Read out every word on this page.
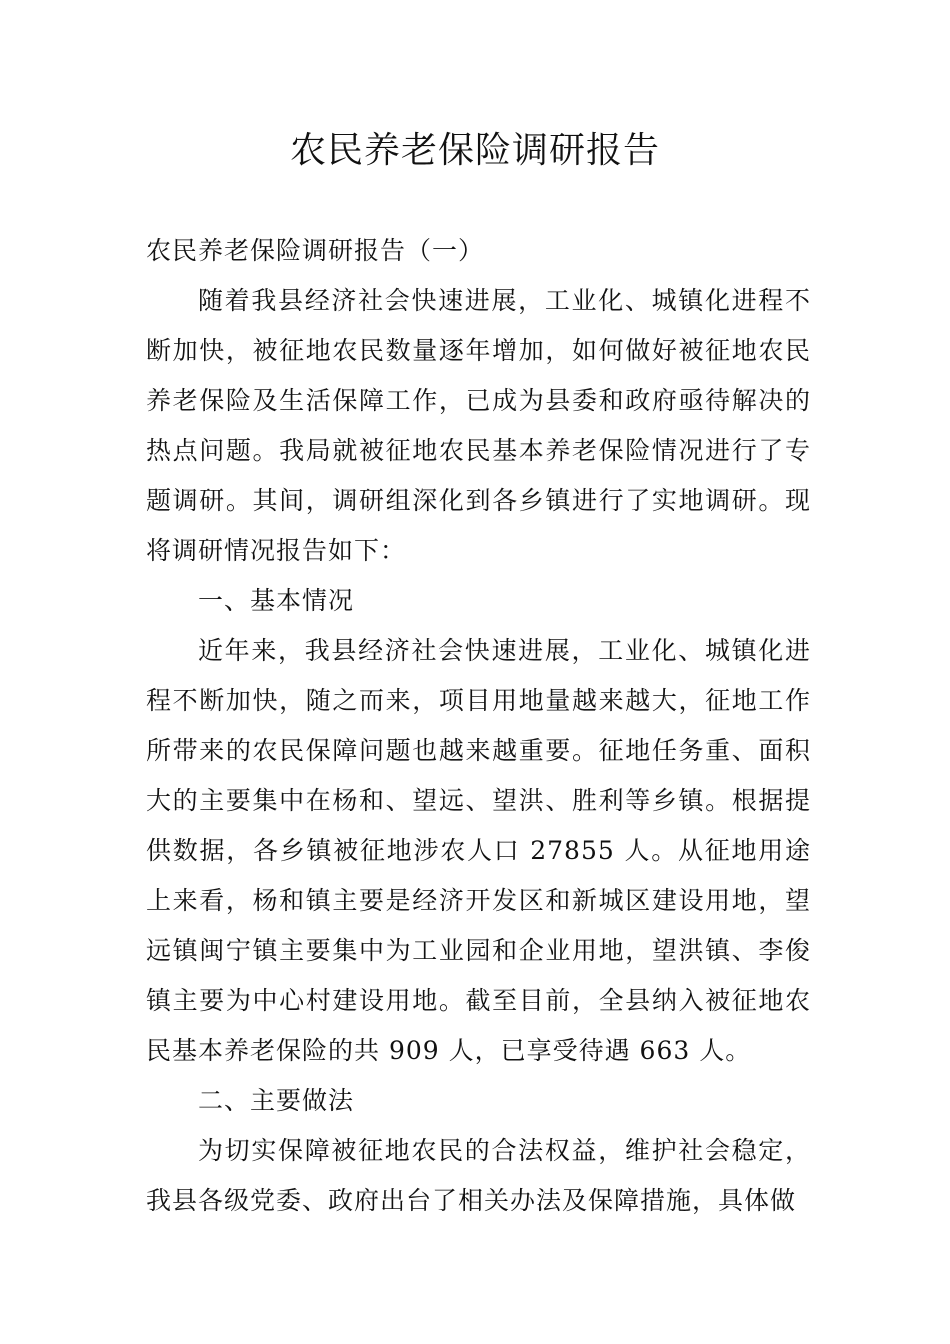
农民养老保险调研报告

农民养老保险调研报告（一）

随着我县经济社会快速进展，工业化、城镇化进程不断加快，被征地农民数量逐年增加，如何做好被征地农民养老保险及生活保障工作，已成为县委和政府亟待解决的热点问题。我局就被征地农民基本养老保险情况进行了专题调研。其间，调研组深化到各乡镇进行了实地调研。现将调研情况报告如下：

一、基本情况

近年来，我县经济社会快速进展，工业化、城镇化进程不断加快，随之而来，项目用地量越来越大，征地工作所带来的农民保障问题也越来越重要。征地任务重、面积大的主要集中在杨和、望远、望洪、胜利等乡镇。根据提供数据，各乡镇被征地涉农人口 27855 人。从征地用途上来看，杨和镇主要是经济开发区和新城区建设用地，望远镇闽宁镇主要集中为工业园和企业用地，望洪镇、李俊镇主要为中心村建设用地。截至目前，全县纳入被征地农民基本养老保险的共 909 人，已享受待遇 663 人。

二、主要做法

为切实保障被征地农民的合法权益，维护社会稳定，我县各级党委、政府出台了相关办法及保障措施，具体做
